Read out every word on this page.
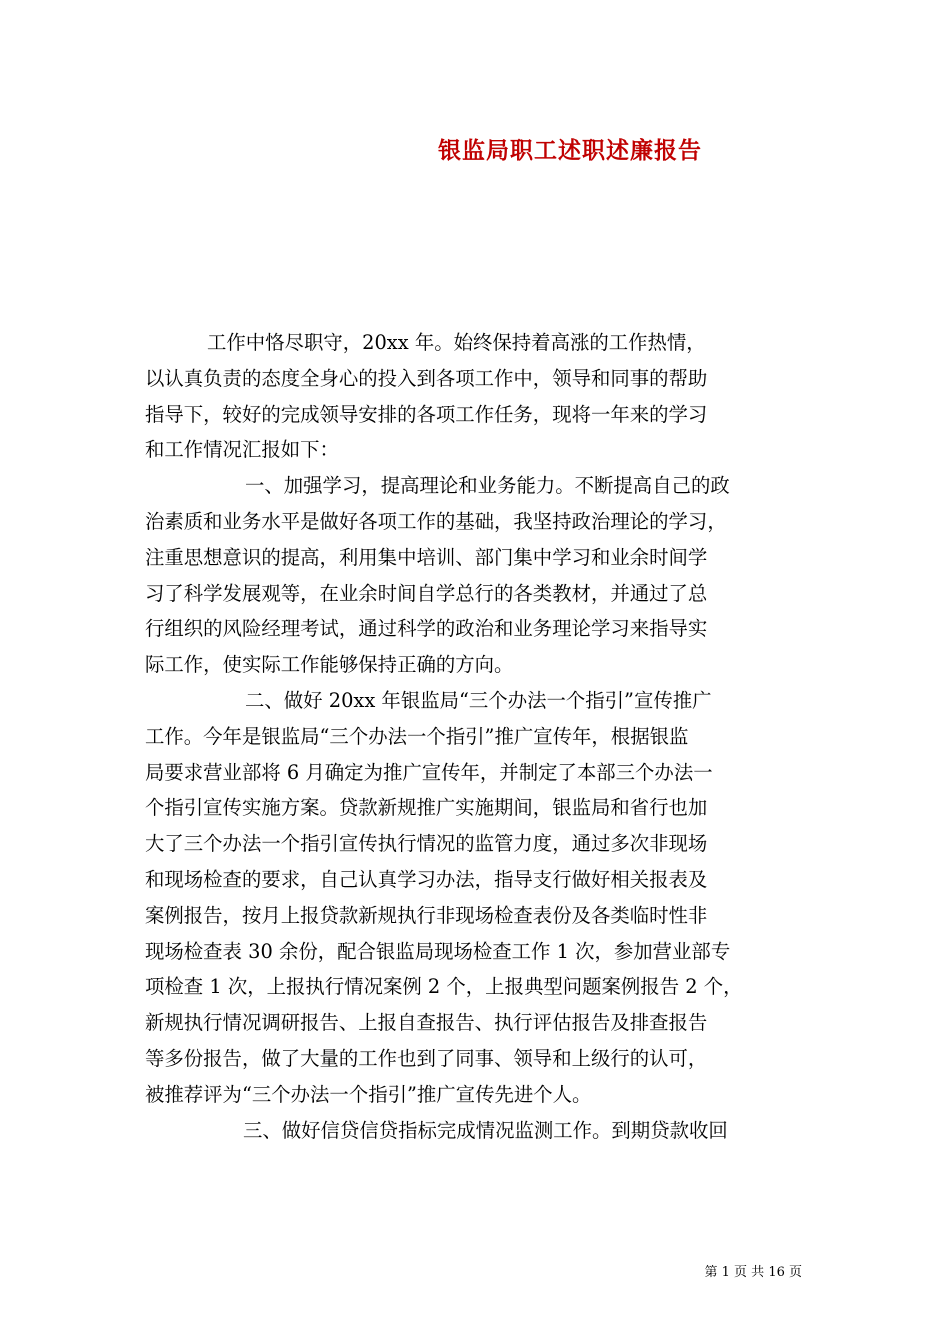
银监局职工述职述廉报告
工作中恪尽职守，20xx 年。始终保持着高涨的工作热情，
以认真负责的态度全身心的投入到各项工作中，领导和同事的帮助
指导下，较好的完成领导安排的各项工作任务，现将一年来的学习
和工作情况汇报如下：
一、加强学习，提高理论和业务能力。不断提高自己的政
治素质和业务水平是做好各项工作的基础，我坚持政治理论的学习，
注重思想意识的提高，利用集中培训、部门集中学习和业余时间学
习了科学发展观等，在业余时间自学总行的各类教材，并通过了总
行组织的风险经理考试，通过科学的政治和业务理论学习来指导实
际工作，使实际工作能够保持正确的方向。
二、做好 20xx 年银监局“三个办法一个指引”宣传推广
工作。今年是银监局“三个办法一个指引”推广宣传年，根据银监
局要求营业部将 6 月确定为推广宣传年，并制定了本部三个办法一
个指引宣传实施方案。贷款新规推广实施期间，银监局和省行也加
大了三个办法一个指引宣传执行情况的监管力度，通过多次非现场
和现场检查的要求，自己认真学习办法，指导支行做好相关报表及
案例报告，按月上报贷款新规执行非现场检查表份及各类临时性非
现场检查表 30 余份，配合银监局现场检查工作 1 次，参加营业部专
项检查 1 次，上报执行情况案例 2 个，上报典型问题案例报告 2 个，
新规执行情况调研报告、上报自查报告、执行评估报告及排查报告
等多份报告，做了大量的工作也到了同事、领导和上级行的认可，
被推荐评为“三个办法一个指引”推广宣传先进个人。
三、做好信贷信贷指标完成情况监测工作。到期贷款收回
第 1 页 共 16 页
